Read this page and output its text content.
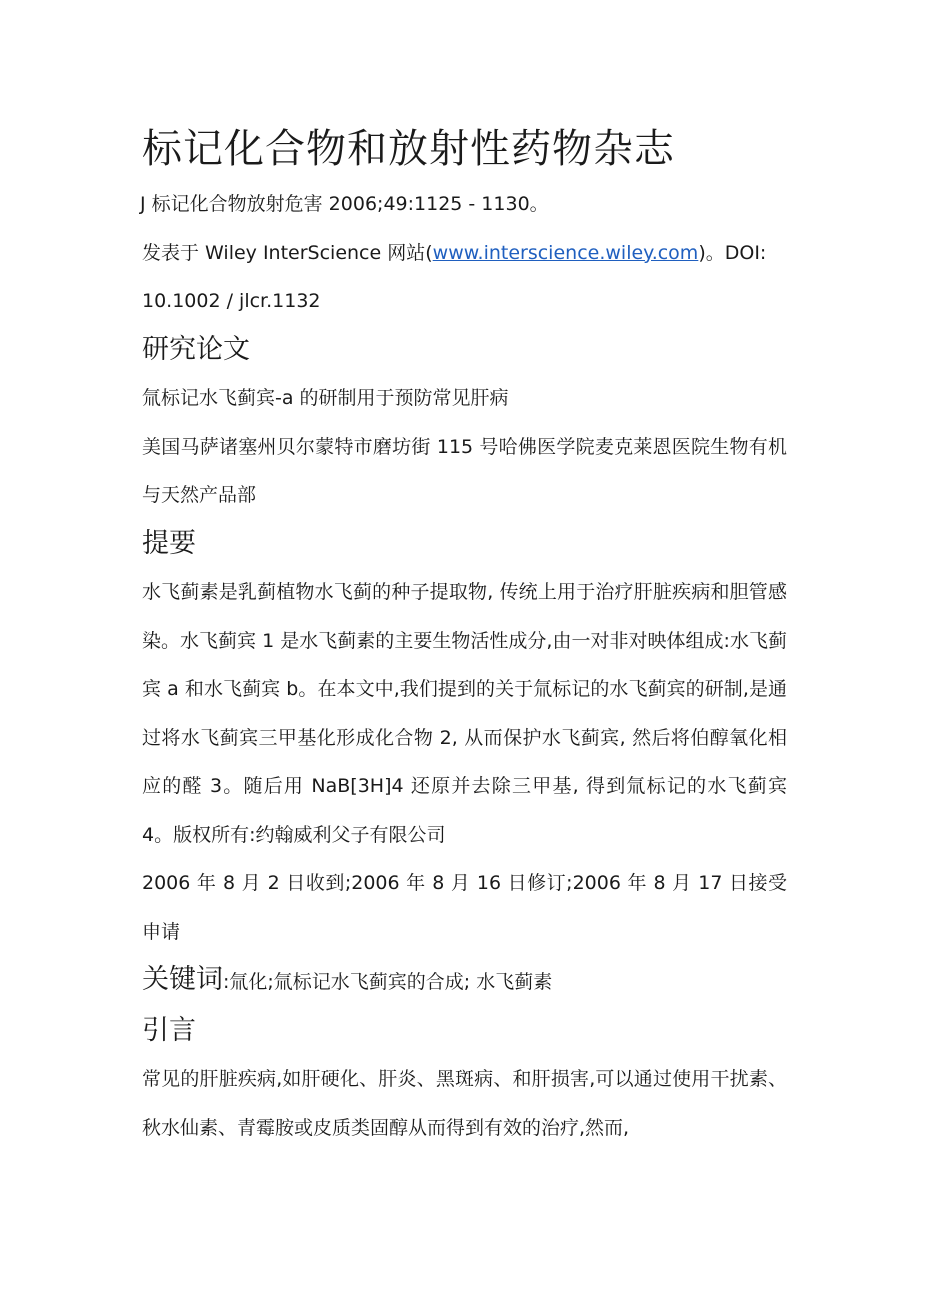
标记化合物和放射性药物杂志

J 标记化合物放射危害 2006;49:1125 - 1130。

发表于 Wiley InterScience 网站(www.interscience.wiley.com)。DOI:
10.1002 / jlcr.1132

研究论文

氚标记水飞蓟宾-a 的研制用于预防常见肝病

美国马萨诸塞州贝尔蒙特市磨坊街 115 号哈佛医学院麦克莱恩医院生物有机与天然产品部

提要

水飞蓟素是乳蓟植物水飞蓟的种子提取物, 传统上用于治疗肝脏疾病和胆管感染。水飞蓟宾 1 是水飞蓟素的主要生物活性成分,由一对非对映体组成:水飞蓟宾 a 和水飞蓟宾 b。在本文中,我们提到的关于氚标记的水飞蓟宾的研制,是通过将水飞蓟宾三甲基化形成化合物 2, 从而保护水飞蓟宾, 然后将伯醇氧化相应的醛 3。随后用 NaB[3H]4 还原并去除三甲基, 得到氚标记的水飞蓟宾 4。版权所有:约翰威利父子有限公司

2006 年 8 月 2 日收到;2006 年 8 月 16 日修订;2006 年 8 月 17 日接受申请

关键词:氚化;氚标记水飞蓟宾的合成; 水飞蓟素

引言

常见的肝脏疾病,如肝硬化、肝炎、黑斑病、和肝损害,可以通过使用干扰素、秋水仙素、青霉胺或皮质类固醇从而得到有效的治疗,然而,
